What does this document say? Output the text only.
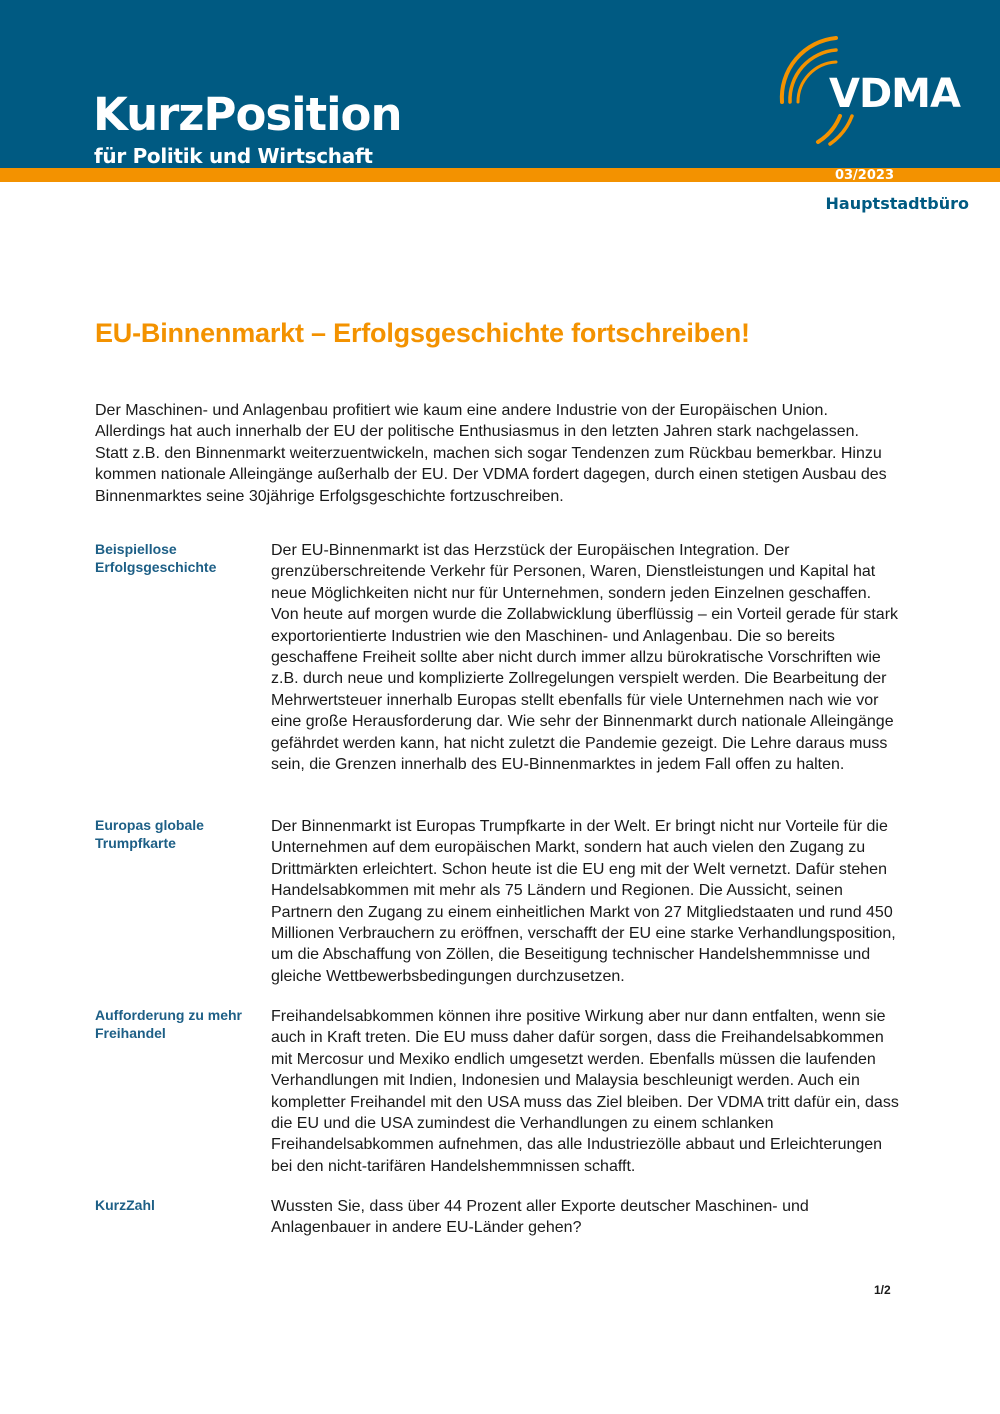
KurzPosition
für Politik und Wirtschaft
VDMA
03/2023
Hauptstadtbüro
EU-Binnenmarkt – Erfolgsgeschichte fortschreiben!

Der Maschinen- und Anlagenbau profitiert wie kaum eine andere Industrie von der Europäischen Union. Allerdings hat auch innerhalb der EU der politische Enthusiasmus in den letzten Jahren stark nachgelassen. Statt z.B. den Binnenmarkt weiterzuentwickeln, machen sich sogar Tendenzen zum Rückbau bemerkbar. Hinzu kommen nationale Alleingänge außerhalb der EU. Der VDMA fordert dagegen, durch einen stetigen Ausbau des Binnenmarktes seine 30jährige Erfolgsgeschichte fortzuschreiben.

Beispiellose Erfolgsgeschichte

Der EU-Binnenmarkt ist das Herzstück der Europäischen Integration. Der grenzüberschreitende Verkehr für Personen, Waren, Dienstleistungen und Kapital hat neue Möglichkeiten nicht nur für Unternehmen, sondern jeden Einzelnen geschaffen. Von heute auf morgen wurde die Zollabwicklung überflüssig – ein Vorteil gerade für stark exportorientierte Industrien wie den Maschinen- und Anlagenbau. Die so bereits geschaffene Freiheit sollte aber nicht durch immer allzu bürokratische Vorschriften wie z.B. durch neue und komplizierte Zollregelungen verspielt werden. Die Bearbeitung der Mehrwertsteuer innerhalb Europas stellt ebenfalls für viele Unternehmen nach wie vor eine große Herausforderung dar. Wie sehr der Binnenmarkt durch nationale Alleingänge gefährdet werden kann, hat nicht zuletzt die Pandemie gezeigt. Die Lehre daraus muss sein, die Grenzen innerhalb des EU-Binnenmarktes in jedem Fall offen zu halten.

Europas globale Trumpfkarte

Der Binnenmarkt ist Europas Trumpfkarte in der Welt. Er bringt nicht nur Vorteile für die Unternehmen auf dem europäischen Markt, sondern hat auch vielen den Zugang zu Drittmärkten erleichtert. Schon heute ist die EU eng mit der Welt vernetzt. Dafür stehen Handelsabkommen mit mehr als 75 Ländern und Regionen. Die Aussicht, seinen Partnern den Zugang zu einem einheitlichen Markt von 27 Mitgliedstaaten und rund 450 Millionen Verbrauchern zu eröffnen, verschafft der EU eine starke Verhandlungsposition, um die Abschaffung von Zöllen, die Beseitigung technischer Handelshemmnisse und gleiche Wettbewerbsbedingungen durchzusetzen.

Aufforderung zu mehr Freihandel

Freihandelsabkommen können ihre positive Wirkung aber nur dann entfalten, wenn sie auch in Kraft treten. Die EU muss daher dafür sorgen, dass die Freihandelsabkommen mit Mercosur und Mexiko endlich umgesetzt werden. Ebenfalls müssen die laufenden Verhandlungen mit Indien, Indonesien und Malaysia beschleunigt werden. Auch ein kompletter Freihandel mit den USA muss das Ziel bleiben. Der VDMA tritt dafür ein, dass die EU und die USA zumindest die Verhandlungen zu einem schlanken Freihandelsabkommen aufnehmen, das alle Industriezölle abbaut und Erleichterungen bei den nicht-tarifären Handelshemmnissen schafft.

KurzZahl	Wussten Sie, dass über 44 Prozent aller Exporte deutscher Maschinen- und Anlagenbauer in andere EU-Länder gehen?

1/2
